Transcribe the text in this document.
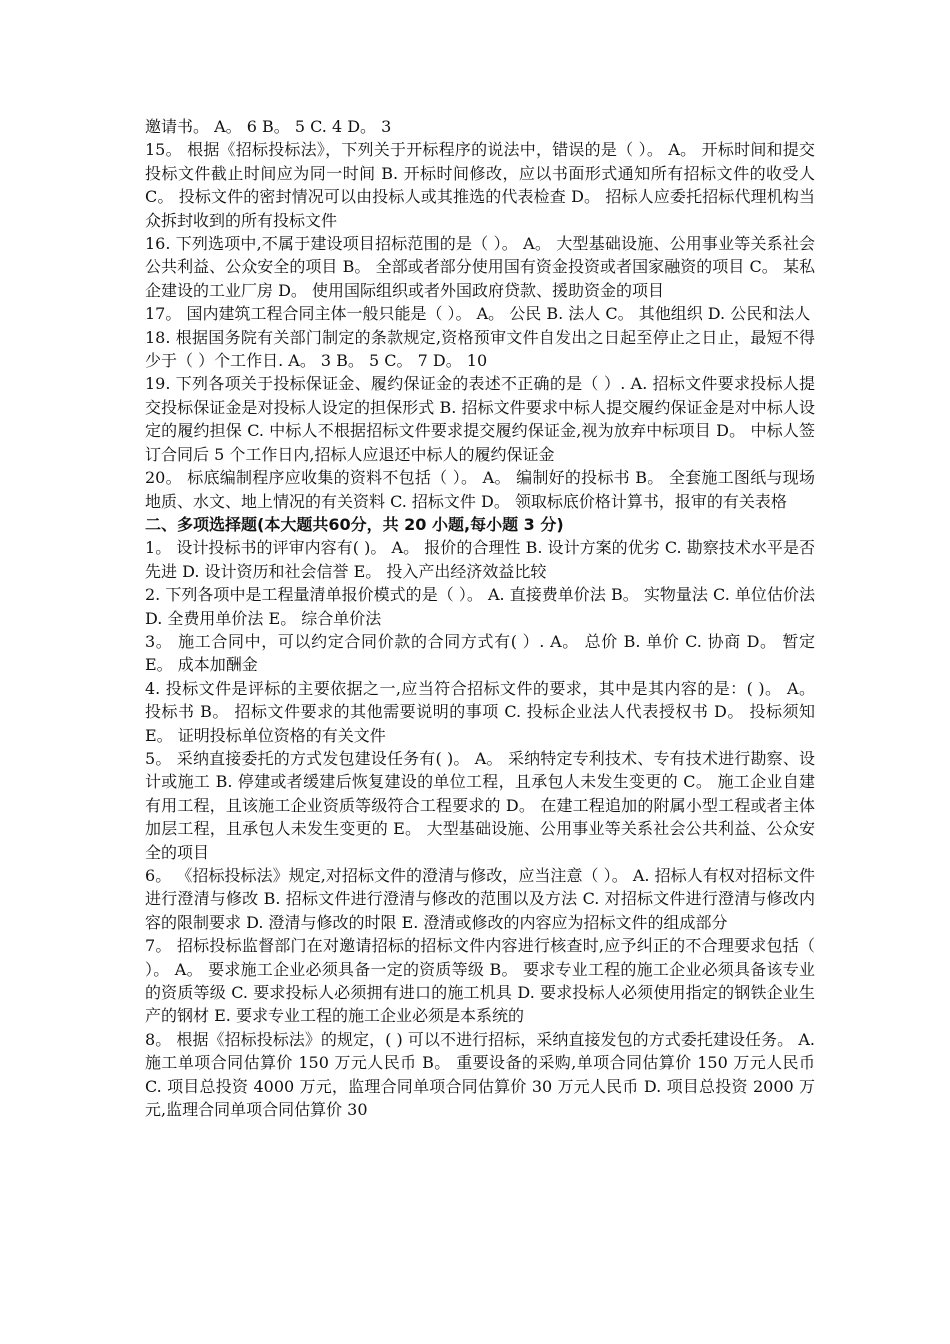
邀请书。 A。 6 B。 5 C. 4 D。 3

15。 根据《招标投标法》，下列关于开标程序的说法中，错误的是（ ）。 A。 开标时间和提交投标文件截止时间应为同一时间 B. 开标时间修改，应以书面形式通知所有招标文件的收受人 C。 投标文件的密封情况可以由投标人或其推选的代表检查 D。 招标人应委托招标代理机构当众拆封收到的所有投标文件

16. 下列选项中,不属于建设项目招标范围的是（ ）。 A。 大型基础设施、公用事业等关系社会公共利益、公众安全的项目 B。 全部或者部分使用国有资金投资或者国家融资的项目 C。 某私企建设的工业厂房 D。 使用国际组织或者外国政府贷款、援助资金的项目

17。 国内建筑工程合同主体一般只能是（ ）。 A。 公民 B. 法人 C。 其他组织 D. 公民和法人

18. 根据国务院有关部门制定的条款规定,资格预审文件自发出之日起至停止之日止，最短不得少于（ ）个工作日. A。 3 B。 5 C。 7 D。 10

19. 下列各项关于投标保证金、履约保证金的表述不正确的是（ ）. A. 招标文件要求投标人提交投标保证金是对投标人设定的担保形式 B. 招标文件要求中标人提交履约保证金是对中标人设定的履约担保 C. 中标人不根据招标文件要求提交履约保证金,视为放弃中标项目 D。 中标人签订合同后 5 个工作日内,招标人应退还中标人的履约保证金

20。 标底编制程序应收集的资料不包括（ ）。 A。 编制好的投标书 B。 全套施工图纸与现场地质、水文、地上情况的有关资料 C. 招标文件 D。 领取标底价格计算书，报审的有关表格

二、多项选择题(本大题共60分，共 20 小题,每小题 3 分)

1。 设计投标书的评审内容有( )。 A。 报价的合理性 B. 设计方案的优劣 C. 勘察技术水平是否先进 D. 设计资历和社会信誉 E。 投入产出经济效益比较

2. 下列各项中是工程量清单报价模式的是（ ）。 A. 直接费单价法 B。 实物量法 C. 单位估价法 D. 全费用单价法 E。 综合单价法

3。 施工合同中，可以约定合同价款的合同方式有( ）. A。 总价 B. 单价 C. 协商 D。 暂定 E。 成本加酬金

4. 投标文件是评标的主要依据之一,应当符合招标文件的要求，其中是其内容的是：( )。 A。 投标书 B。 招标文件要求的其他需要说明的事项 C. 投标企业法人代表授权书 D。 投标须知 E。 证明投标单位资格的有关文件

5。 采纳直接委托的方式发包建设任务有( )。 A。 采纳特定专利技术、专有技术进行勘察、设计或施工 B. 停建或者缓建后恢复建设的单位工程，且承包人未发生变更的 C。 施工企业自建有用工程，且该施工企业资质等级符合工程要求的 D。 在建工程追加的附属小型工程或者主体加层工程，且承包人未发生变更的 E。 大型基础设施、公用事业等关系社会公共利益、公众安全的项目

6。 《招标投标法》规定,对招标文件的澄清与修改，应当注意（ ）。 A. 招标人有权对招标文件进行澄清与修改 B. 招标文件进行澄清与修改的范围以及方法 C. 对招标文件进行澄清与修改内容的限制要求 D. 澄清与修改的时限 E. 澄清或修改的内容应为招标文件的组成部分

7。 招标投标监督部门在对邀请招标的招标文件内容进行核查时,应予纠正的不合理要求包括（ ）。 A。 要求施工企业必须具备一定的资质等级 B。 要求专业工程的施工企业必须具备该专业的资质等级 C. 要求投标人必须拥有进口的施工机具 D. 要求投标人必须使用指定的钢铁企业生产的钢材 E. 要求专业工程的施工企业必须是本系统的

8。 根据《招标投标法》的规定，( ) 可以不进行招标，采纳直接发包的方式委托建设任务。 A. 施工单项合同估算价 150 万元人民币 B。 重要设备的采购,单项合同估算价 150 万元人民币 C. 项目总投资 4000 万元，监理合同单项合同估算价 30 万元人民币 D. 项目总投资 2000 万元,监理合同单项合同估算价 30
